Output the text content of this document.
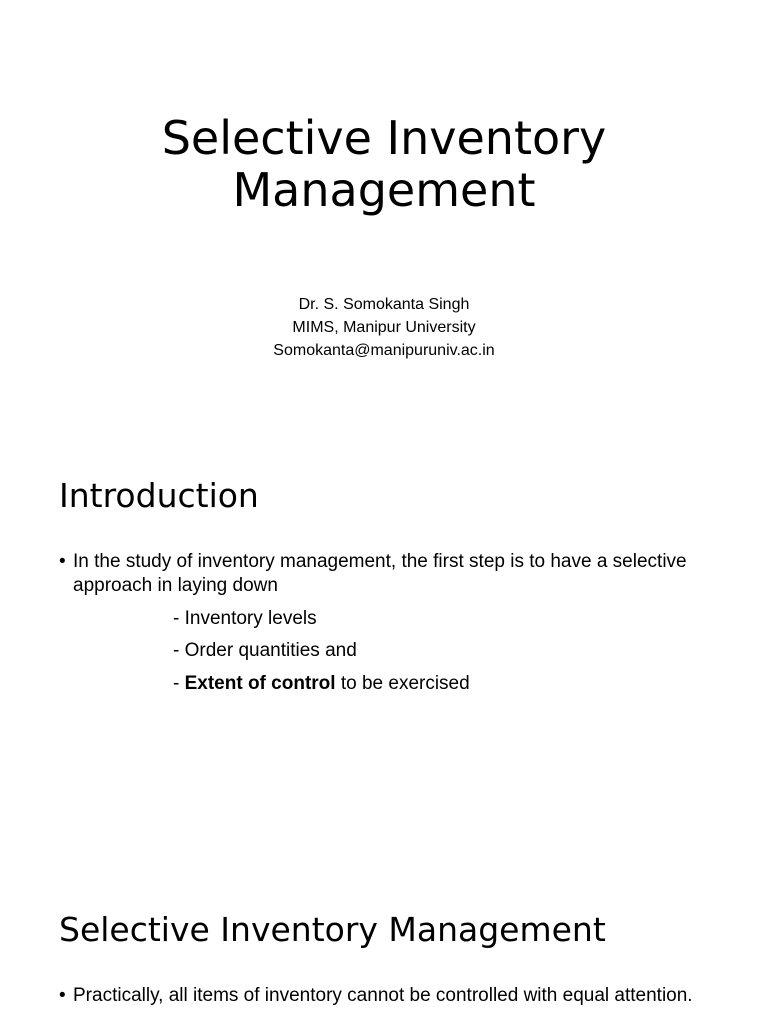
Selective Inventory
Management
Dr. S. Somokanta Singh
MIMS, Manipur University
Somokanta@manipuruniv.ac.in
Introduction
• In the study of inventory management, the first step is to have a selective approach in laying down
- Inventory levels
- Order quantities and
- Extent of control to be exercised
Selective Inventory Management
• Practically, all items of inventory cannot be controlled with equal attention.
